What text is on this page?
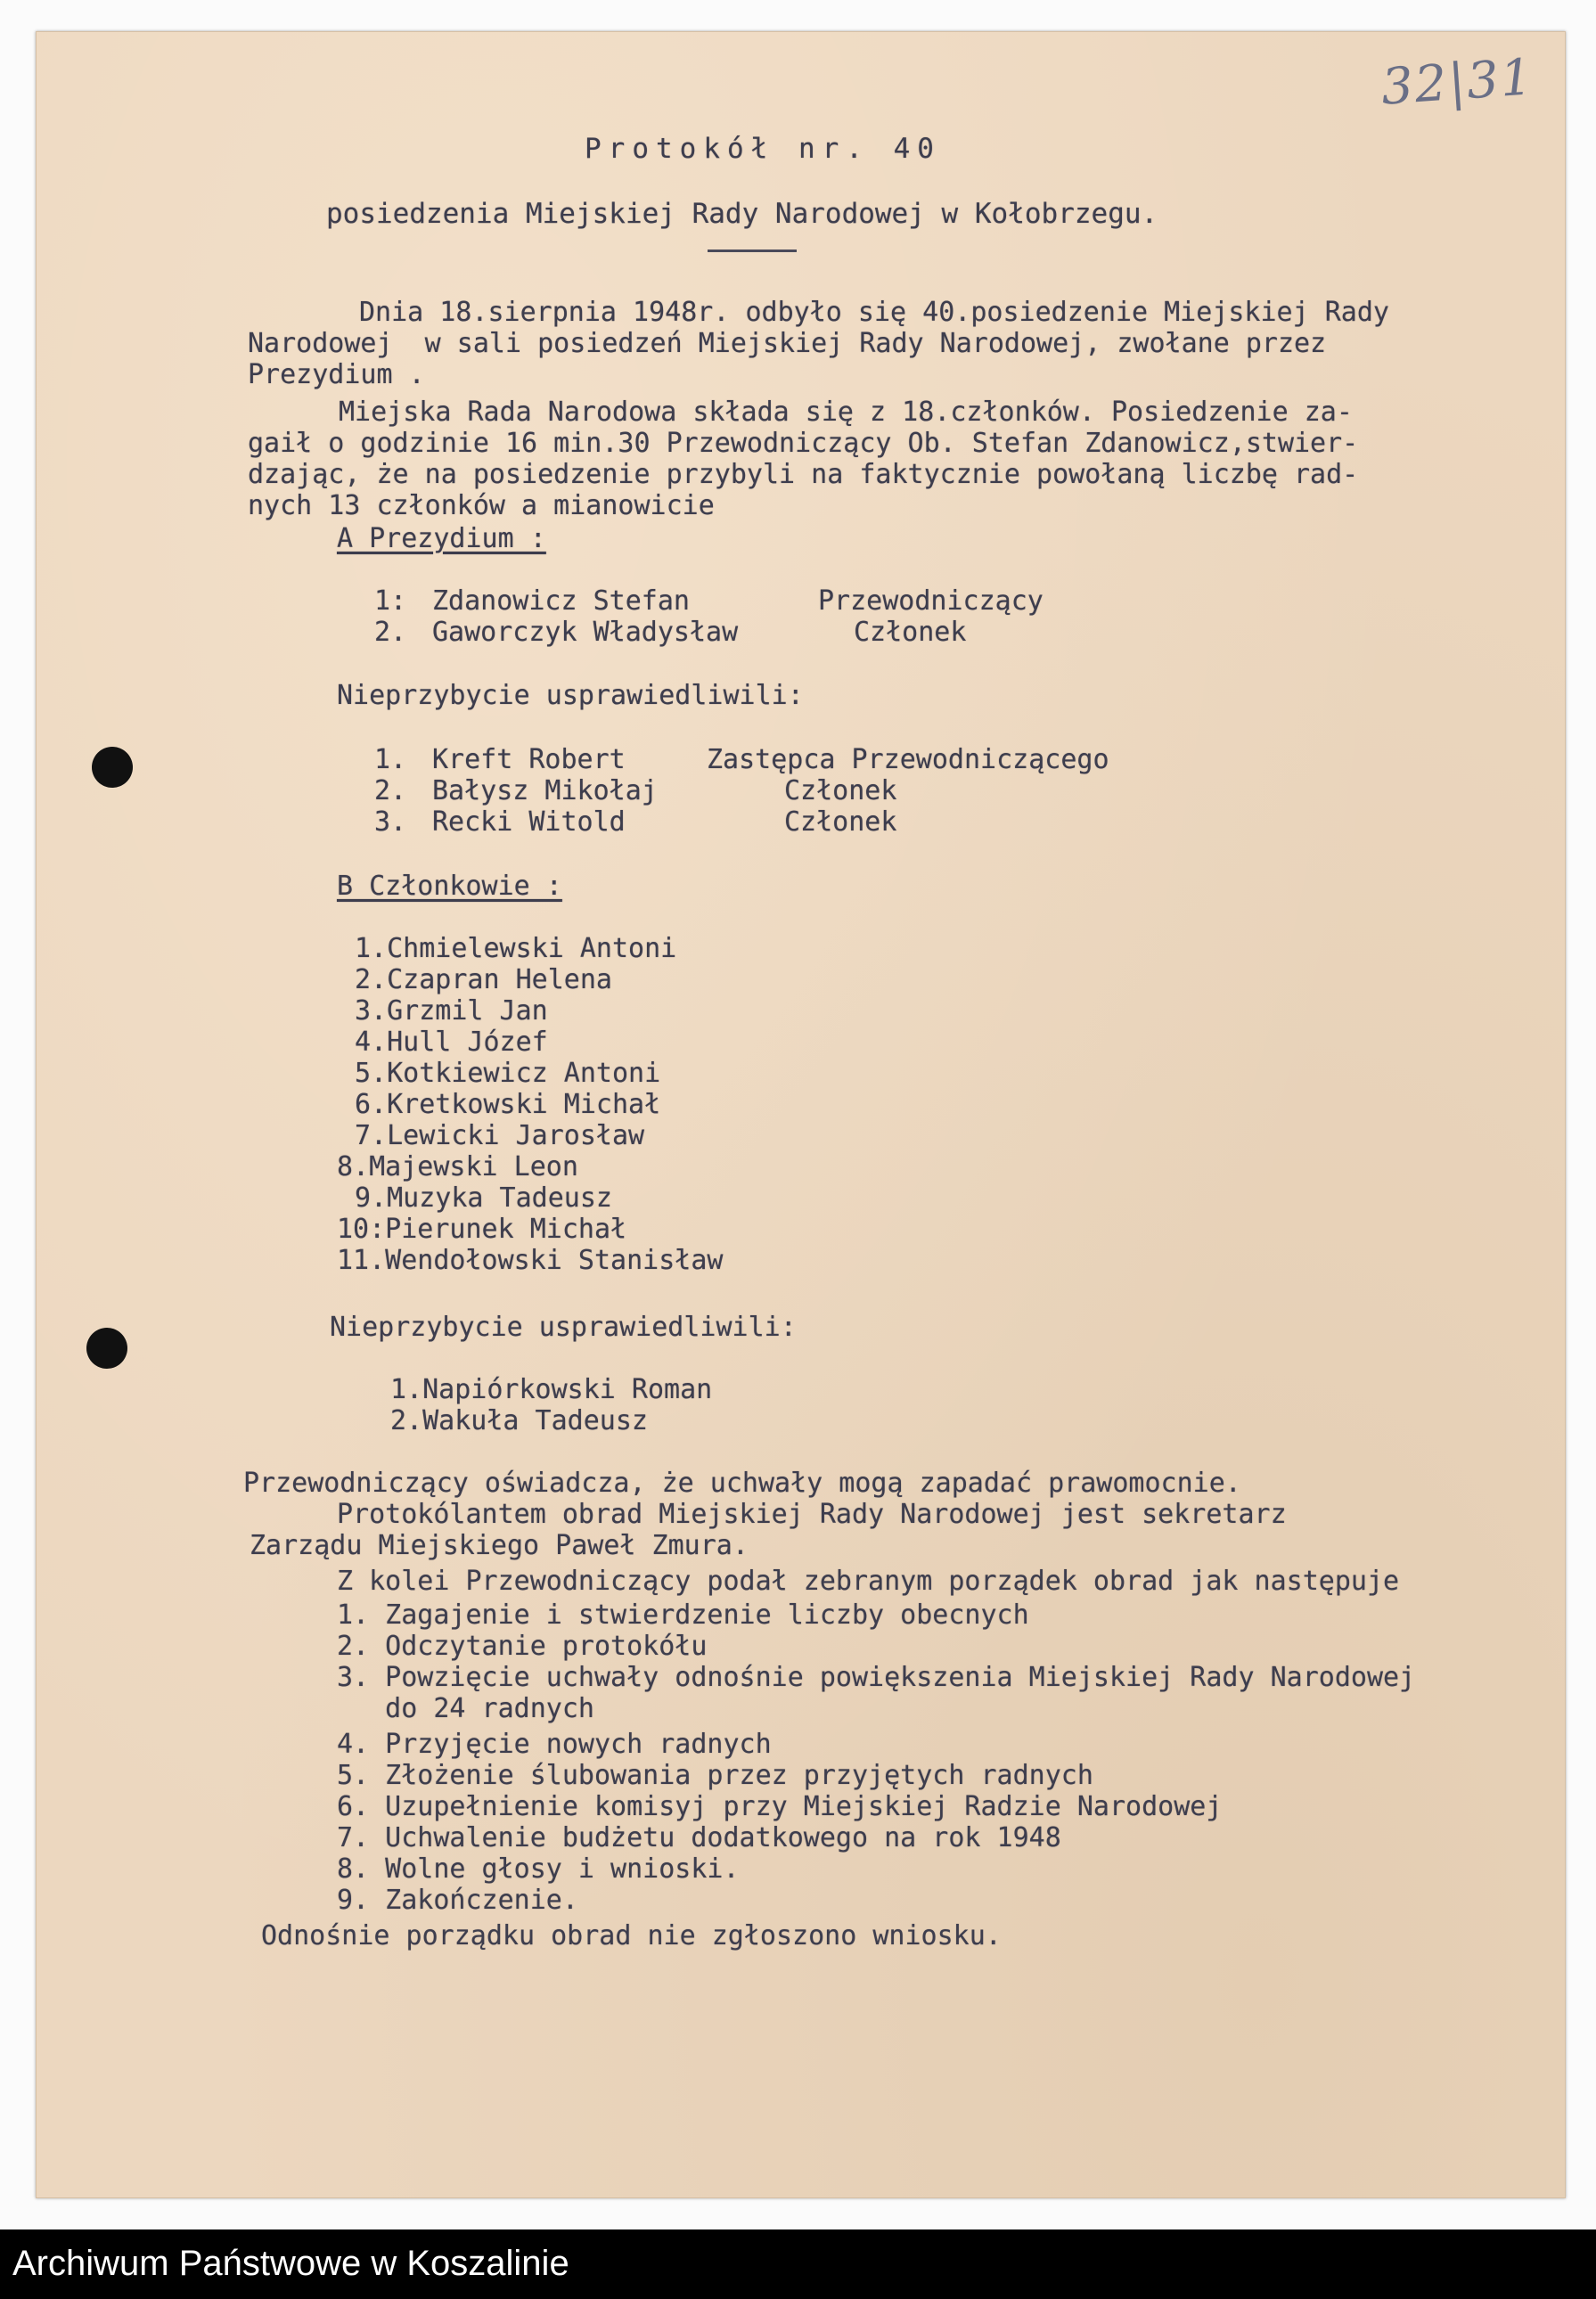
32|31
Protokół nr. 40
posiedzenia Miejskiej Rady Narodowej w Kołobrzegu.
Dnia 18.sierpnia 1948r. odbyło się 40.posiedzenie Miejskiej Rady
Narodowej  w sali posiedzeń Miejskiej Rady Narodowej, zwołane przez
Prezydium .
Miejska Rada Narodowa składa się z 18.członków. Posiedzenie za-
gaił o godzinie 16 min.30 Przewodniczący Ob. Stefan Zdanowicz,stwier-
dzając, że na posiedzenie przybyli na faktycznie powołaną liczbę rad-
nych 13 członków a mianowicie
A Prezydium :
1: Zdanowicz Stefan	Przewodniczący
2. Gaworczyk Władysław	Członek
Nieprzybycie usprawiedliwili:
1. Kreft Robert	Zastępca Przewodniczącego
2. Bałysz Mikołaj	Członek
3. Recki Witold	Członek
B Członkowie :
1.Chmielewski Antoni
2.Czapran Helena
3.Grzmil Jan
4.Hull Józef
5.Kotkiewicz Antoni
6.Kretkowski Michał
7.Lewicki Jarosław
8.Majewski Leon
9.Muzyka Tadeusz
10:Pierunek Michał
11.Wendołowski Stanisław
Nieprzybycie usprawiedliwili:
1.Napiórkowski Roman
2.Wakuła Tadeusz
Przewodniczący oświadcza, że uchwały mogą zapadać prawomocnie.
Protokólantem obrad Miejskiej Rady Narodowej jest sekretarz
Zarządu Miejskiego Paweł Zmura.
Z kolei Przewodniczący podał zebranym porządek obrad jak następuje
1. Zagajenie i stwierdzenie liczby obecnych
2. Odczytanie protokółu
3. Powzięcie uchwały odnośnie powiększenia Miejskiej Rady Narodowej
do 24 radnych
4. Przyjęcie nowych radnych
5. Złożenie ślubowania przez przyjętych radnych
6. Uzupełnienie komisyj przy Miejskiej Radzie Narodowej
7. Uchwalenie budżetu dodatkowego na rok 1948
8. Wolne głosy i wnioski.
9. Zakończenie.
Odnośnie porządku obrad nie zgłoszono wniosku.
Archiwum Państwowe w Koszalinie
